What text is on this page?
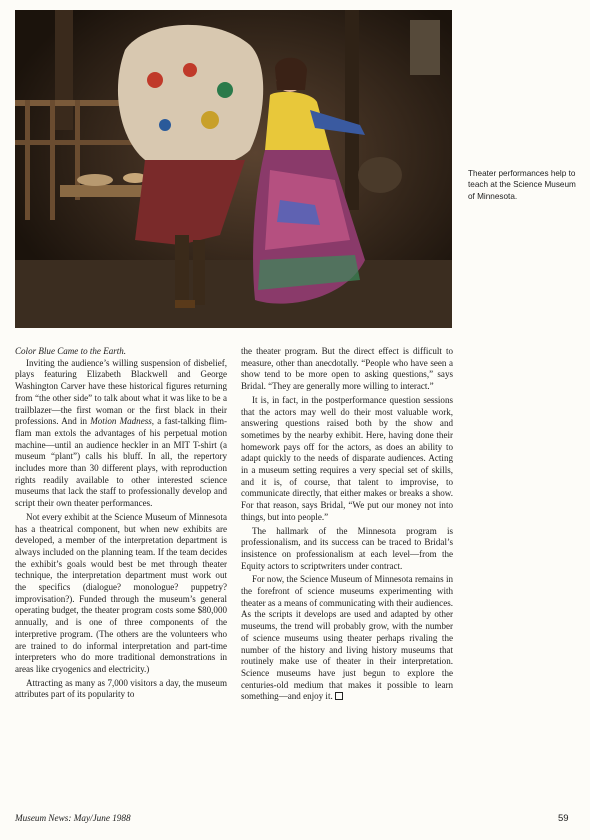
Theater performances help to teach at the Science Museum of Minnesota.

Color Blue Came to the Earth.

Inviting the audience’s willing suspension of disbelief, plays featuring Elizabeth Blackwell and George Washington Carver have these historical figures returning from “the other side” to talk about what it was like to be a trailblazer—the first woman or the first black in their professions. And in Motion Madness, a fast-talking flim-flam man extols the advantages of his perpetual motion machine—until an audience heckler in an MIT T-shirt (a museum “plant”) calls his bluff. In all, the repertory includes more than 30 different plays, with reproduction rights readily available to other interested science museums that lack the staff to professionally develop and script their own theater performances.

Not every exhibit at the Science Museum of Minnesota has a theatrical component, but when new exhibits are developed, a member of the interpretation department is always included on the planning team. If the team decides the exhibit’s goals would best be met through theater technique, the interpretation department must work out the specifics (dialogue? monologue? puppetry? improvisation?). Funded through the museum’s general operating budget, the theater program costs some $80,000 annually, and is one of three components of the interpretive program. (The others are the volunteers who are trained to do informal interpretation and part-time interpreters who do more traditional demonstrations in areas like cryogenics and electricity.)

Attracting as many as 7,000 visitors a day, the museum attributes part of its popularity to

the theater program. But the direct effect is difficult to measure, other than anecdotally. “People who have seen a show tend to be more open to asking questions,” says Bridal. “They are generally more willing to interact.”

It is, in fact, in the postperformance question sessions that the actors may well do their most valuable work, answering questions raised both by the show and sometimes by the nearby exhibit. Here, having done their homework pays off for the actors, as does an ability to adapt quickly to the needs of disparate audiences. Acting in a museum setting requires a very special set of skills, and it is, of course, that talent to improvise, to communicate directly, that either makes or breaks a show. For that reason, says Bridal, “We put our money not into things, but into people.”

The hallmark of the Minnesota program is professionalism, and its success can be traced to Bridal’s insistence on professionalism at each level—from the Equity actors to scriptwriters under contract.

For now, the Science Museum of Minnesota remains in the forefront of science museums experimenting with theater as a means of communicating with their audiences. As the scripts it develops are used and adapted by other museums, the trend will probably grow, with the number of science museums using theater perhaps rivaling the number of the history and living history museums that routinely make use of theater in their interpretation. Science museums have just begun to explore the centuries-old medium that makes it possible to learn something—and enjoy it.

Museum News: May/June 1988	59
